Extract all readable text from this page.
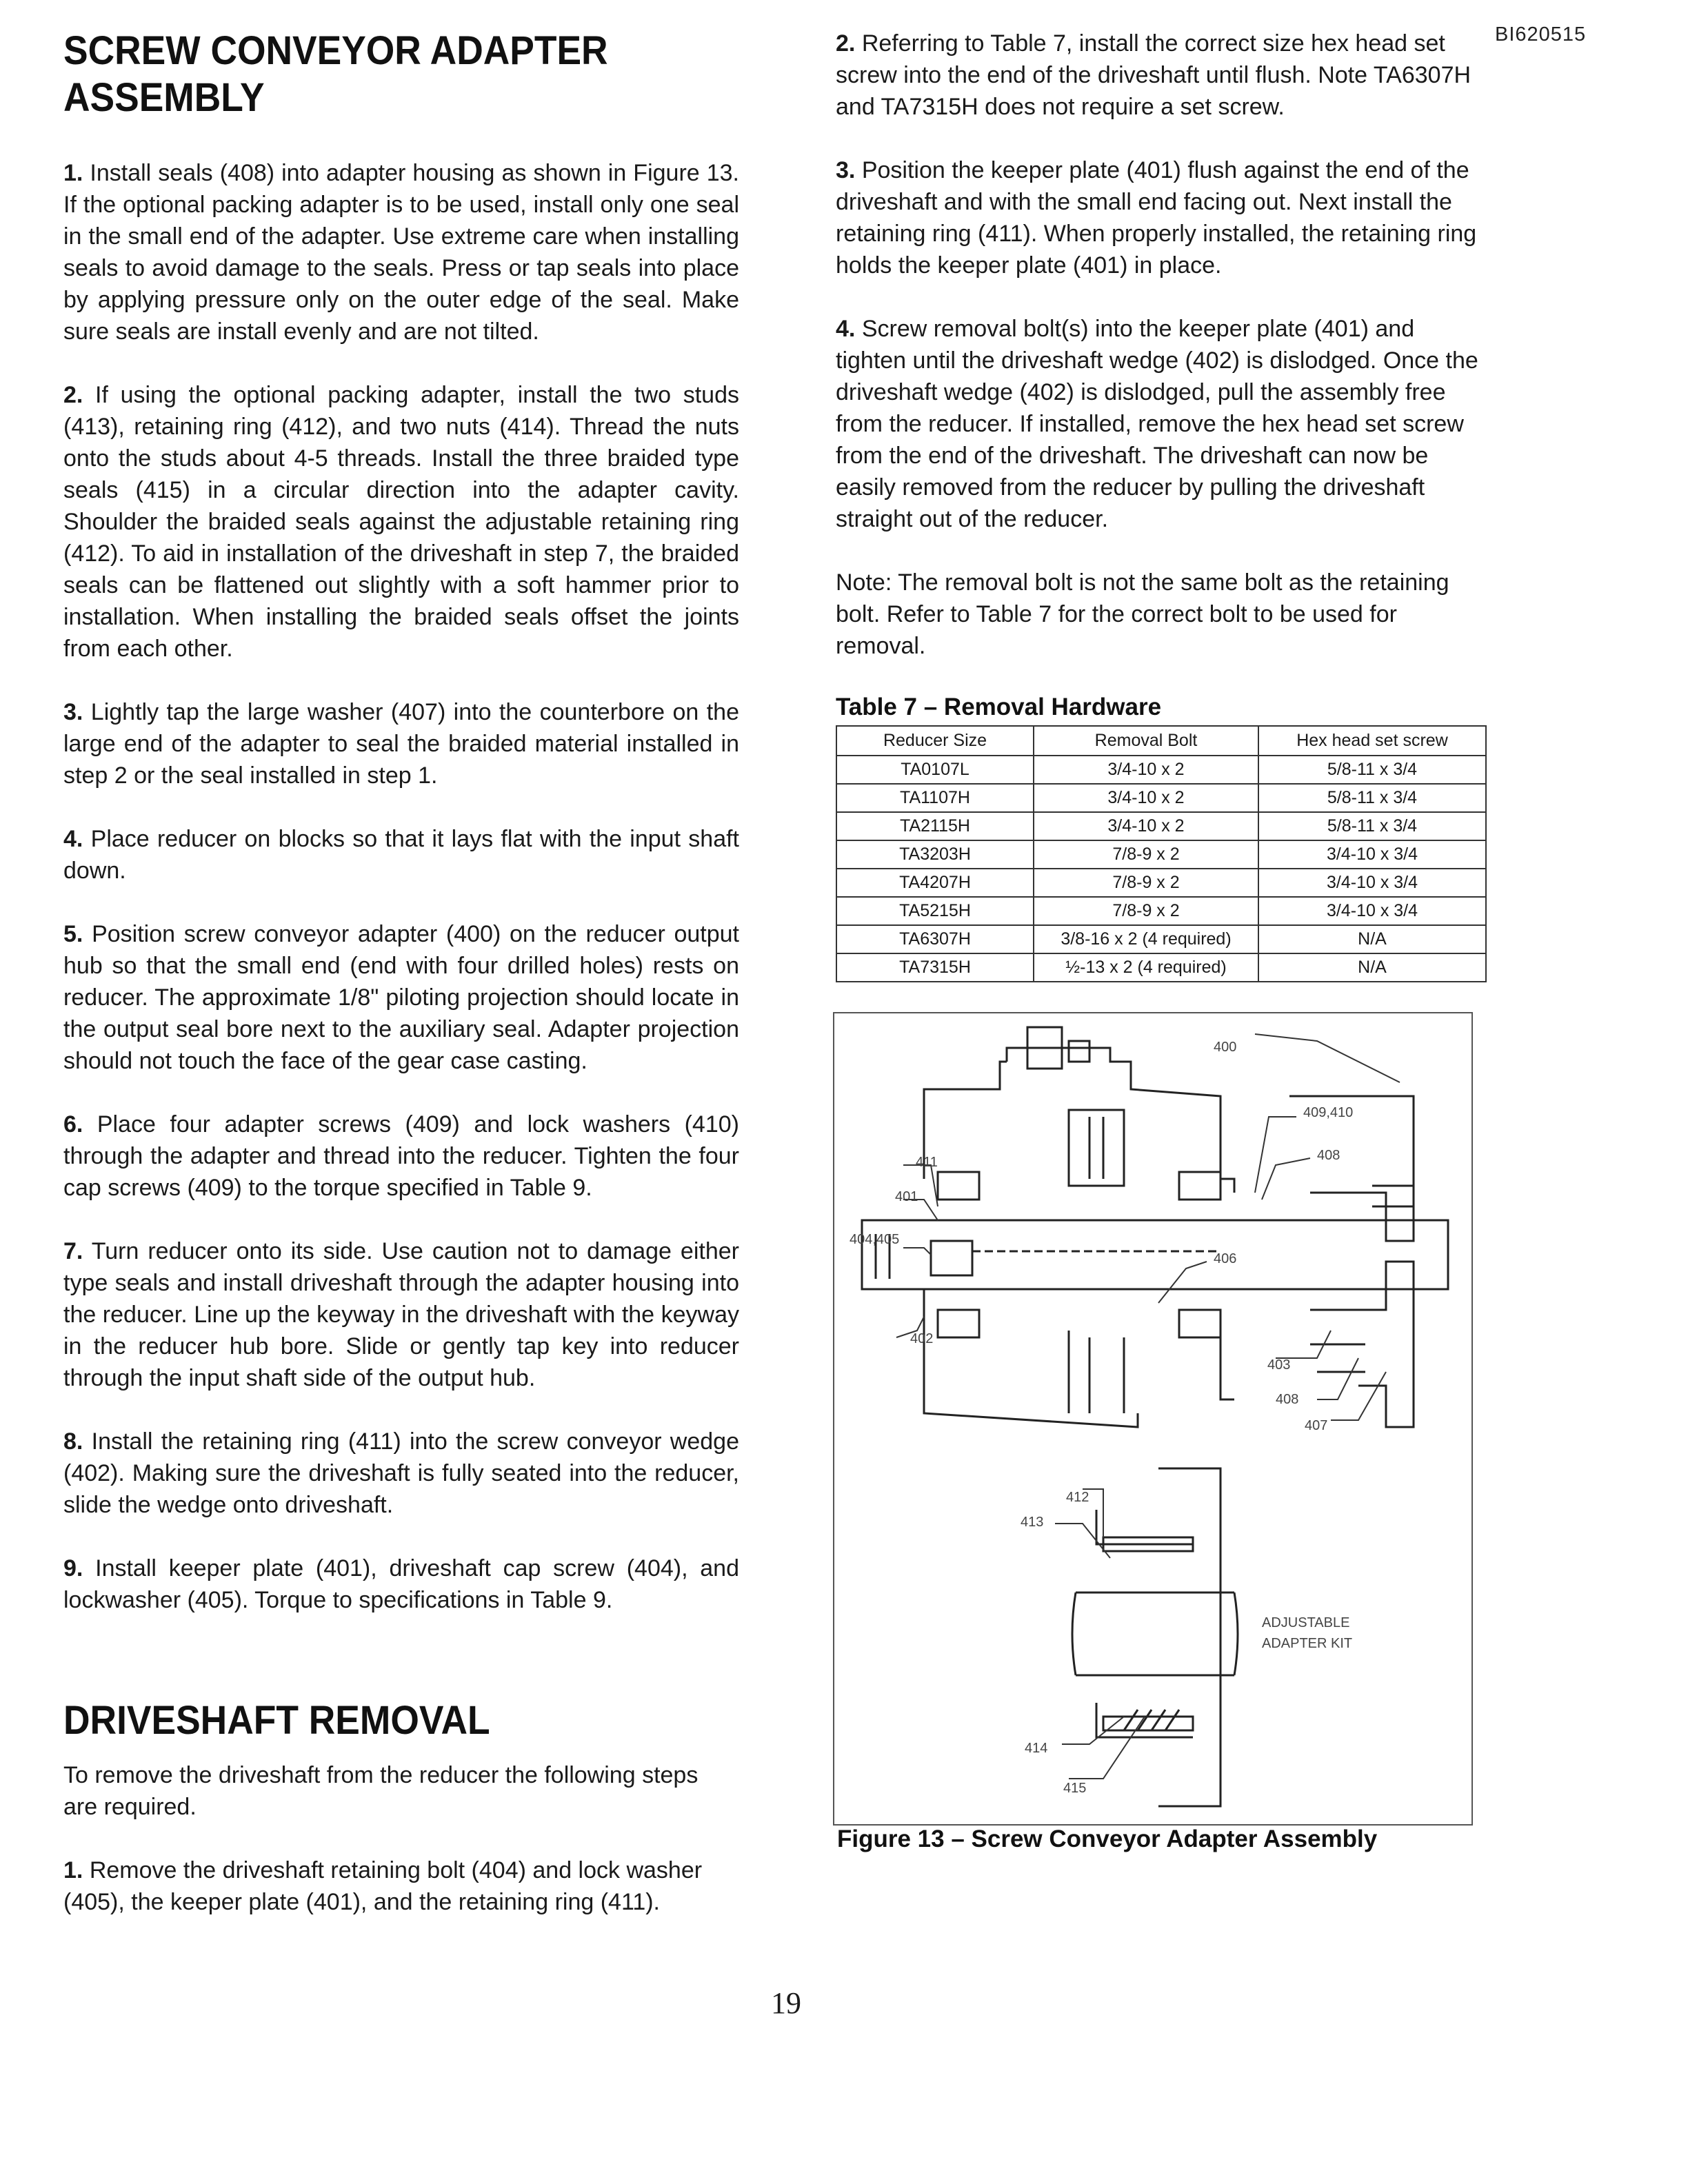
BI620515
SCREW CONVEYOR ADAPTER ASSEMBLY

1. Install seals (408) into adapter housing as shown in Figure 13. If the optional packing adapter is to be used, install only one seal in the small end of the adapter. Use extreme care when installing seals to avoid damage to the seals. Press or tap seals into place by applying pressure only on the outer edge of the seal. Make sure seals are install evenly and are not tilted.

2. If using the optional packing adapter, install the two studs (413), retaining ring (412), and two nuts (414). Thread the nuts onto the studs about 4-5 threads. Install the three braided type seals (415) in a circular direction into the adapter cavity. Shoulder the braided seals against the adjustable retaining ring (412). To aid in installation of the driveshaft in step 7, the braided seals can be flattened out slightly with a soft hammer prior to installation. When installing the braided seals offset the joints from each other.

3. Lightly tap the large washer (407) into the counterbore on the large end of the adapter to seal the braided material installed in step 2 or the seal installed in step 1.

4. Place reducer on blocks so that it lays flat with the input shaft down.

5. Position screw conveyor adapter (400) on the reducer output hub so that the small end (end with four drilled holes) rests on reducer. The approximate 1/8" piloting projection should locate in the output seal bore next to the auxiliary seal. Adapter projection should not touch the face of the gear case casting.

6. Place four adapter screws (409) and lock washers (410) through the adapter and thread into the reducer. Tighten the four cap screws (409) to the torque specified in Table 9.

7. Turn reducer onto its side. Use caution not to damage either type seals and install driveshaft through the adapter housing into the reducer. Line up the keyway in the driveshaft with the keyway in the reducer hub bore. Slide or gently tap key into reducer through the input shaft side of the output hub.

8. Install the retaining ring (411) into the screw conveyor wedge (402). Making sure the driveshaft is fully seated into the reducer, slide the wedge onto driveshaft.

9. Install keeper plate (401), driveshaft cap screw (404), and lockwasher (405). Torque to specifications in Table 9.

DRIVESHAFT REMOVAL

To remove the driveshaft from the reducer the following steps are required.

1. Remove the driveshaft retaining bolt (404) and lock washer (405), the keeper plate (401), and the retaining ring (411).

2. Referring to Table 7, install the correct size hex head set screw into the end of the driveshaft until flush. Note TA6307H and TA7315H does not require a set screw.

3. Position the keeper plate (401) flush against the end of the driveshaft and with the small end facing out. Next install the retaining ring (411). When properly installed, the retaining ring holds the keeper plate (401) in place.

4. Screw removal bolt(s) into the keeper plate (401) and tighten until the driveshaft wedge (402) is dislodged. Once the driveshaft wedge (402) is dislodged, pull the assembly free from the reducer. If installed, remove the hex head set screw from the end of the driveshaft. The driveshaft can now be easily removed from the reducer by pulling the driveshaft straight out of the reducer.

Note: The removal bolt is not the same bolt as the retaining bolt. Refer to Table 7 for the correct bolt to be used for removal.

Table 7 – Removal Hardware
Reducer Size	Removal Bolt	Hex head set screw
TA0107L	3/4-10 x 2	5/8-11 x 3/4
TA1107H	3/4-10 x 2	5/8-11 x 3/4
TA2115H	3/4-10 x 2	5/8-11 x 3/4
TA3203H	7/8-9 x 2	3/4-10 x 3/4
TA4207H	7/8-9 x 2	3/4-10 x 3/4
TA5215H	7/8-9 x 2	3/4-10 x 3/4
TA6307H	3/8-16 x 2 (4 required)	N/A
TA7315H	½-13 x 2 (4 required)	N/A
400
409,410
408
411
401
404,405
406
402
403
408
407
412
413
ADJUSTABLE
ADAPTER KIT
414
415
Figure 13 – Screw Conveyor Adapter Assembly
19
